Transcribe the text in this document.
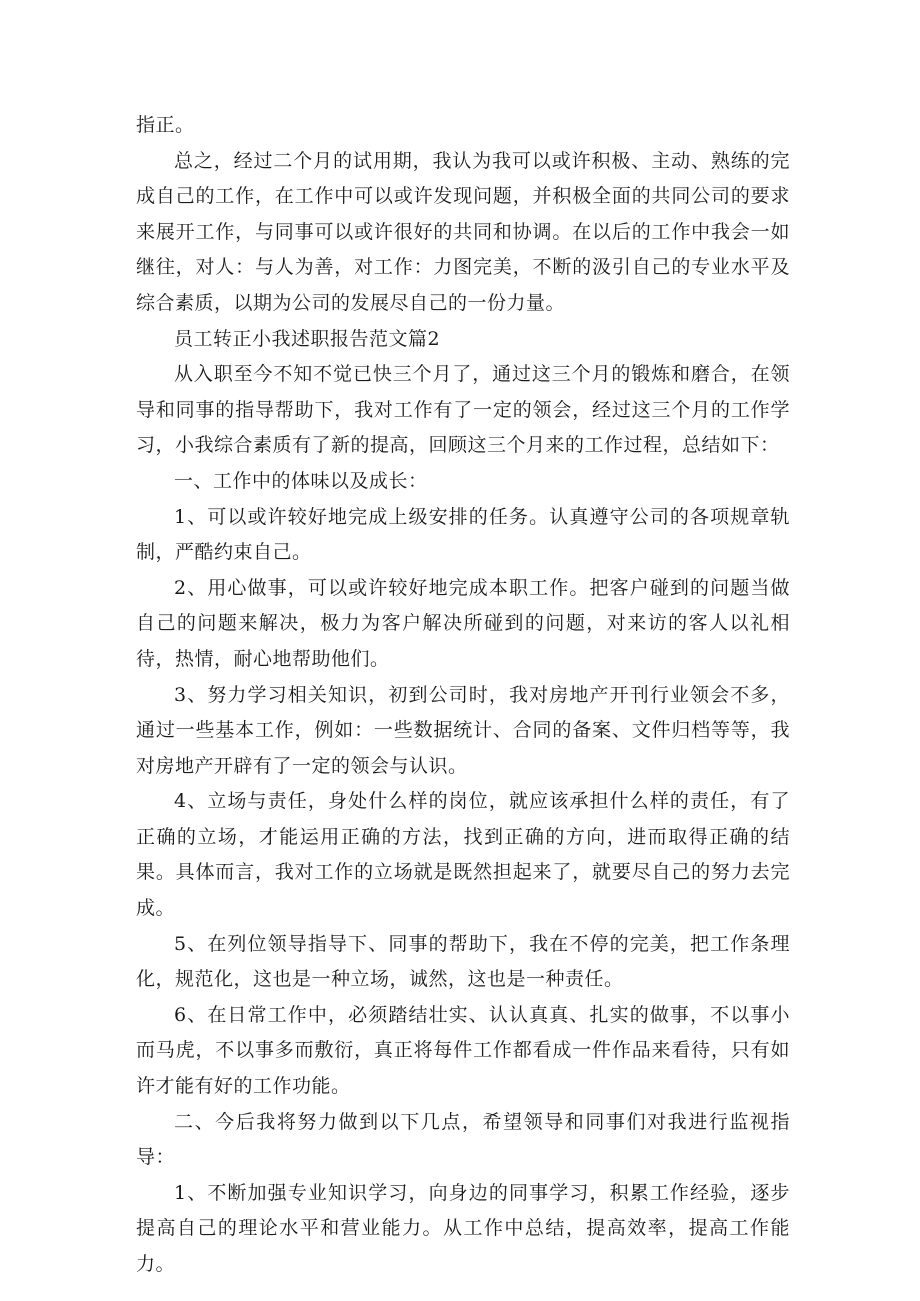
指正。

总之，经过二个月的试用期，我认为我可以或许积极、主动、熟练的完成自己的工作，在工作中可以或许发现问题，并积极全面的共同公司的要求来展开工作，与同事可以或许很好的共同和协调。在以后的工作中我会一如继往，对人：与人为善，对工作：力图完美，不断的汲引自己的专业水平及综合素质，以期为公司的发展尽自己的一份力量。

员工转正小我述职报告范文篇2

从入职至今不知不觉已快三个月了，通过这三个月的锻炼和磨合，在领导和同事的指导帮助下，我对工作有了一定的领会，经过这三个月的工作学习，小我综合素质有了新的提高，回顾这三个月来的工作过程，总结如下：

一、工作中的体味以及成长：

1、可以或许较好地完成上级安排的任务。认真遵守公司的各项规章轨制，严酷约束自己。

2、用心做事，可以或许较好地完成本职工作。把客户碰到的问题当做自己的问题来解决，极力为客户解决所碰到的问题，对来访的客人以礼相待，热情，耐心地帮助他们。

3、努力学习相关知识，初到公司时，我对房地产开刊行业领会不多，通过一些基本工作，例如：一些数据统计、合同的备案、文件归档等等，我对房地产开辟有了一定的领会与认识。

4、立场与责任，身处什么样的岗位，就应该承担什么样的责任，有了正确的立场，才能运用正确的方法，找到正确的方向，进而取得正确的结果。具体而言，我对工作的立场就是既然担起来了，就要尽自己的努力去完成。

5、在列位领导指导下、同事的帮助下，我在不停的完美，把工作条理化，规范化，这也是一种立场，诚然，这也是一种责任。

6、在日常工作中，必须踏结壮实、认认真真、扎实的做事，不以事小而马虎，不以事多而敷衍，真正将每件工作都看成一件作品来看待，只有如许才能有好的工作功能。

二、今后我将努力做到以下几点，希望领导和同事们对我进行监视指导：

1、不断加强专业知识学习，向身边的同事学习，积累工作经验，逐步提高自己的理论水平和营业能力。从工作中总结，提高效率，提高工作能力。
